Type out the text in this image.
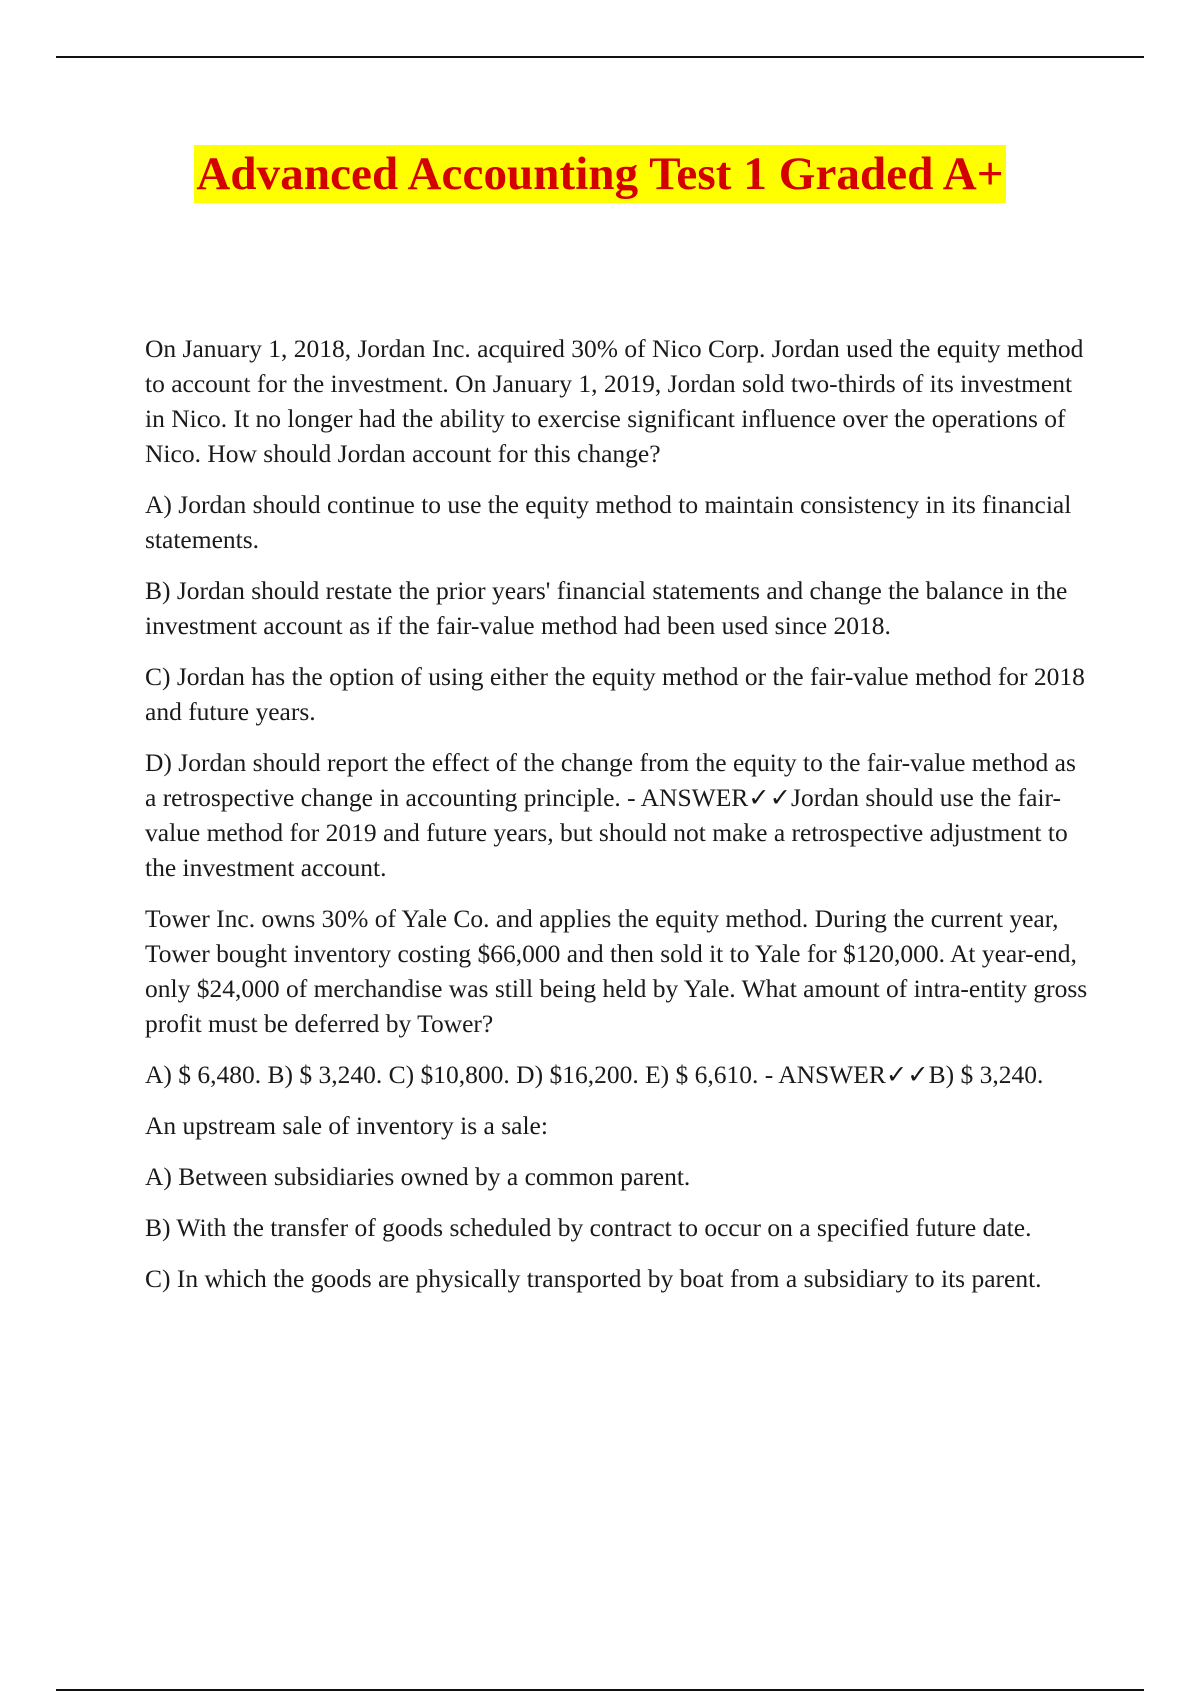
Advanced Accounting Test 1 Graded A+

On January 1, 2018, Jordan Inc. acquired 30% of Nico Corp. Jordan used the equity method to account for the investment. On January 1, 2019, Jordan sold two-thirds of its investment in Nico. It no longer had the ability to exercise significant influence over the operations of Nico. How should Jordan account for this change?

A) Jordan should continue to use the equity method to maintain consistency in its financial statements.

B) Jordan should restate the prior years' financial statements and change the balance in the investment account as if the fair-value method had been used since 2018.

C) Jordan has the option of using either the equity method or the fair-value method for 2018 and future years.

D) Jordan should report the effect of the change from the equity to the fair-value method as a retrospective change in accounting principle. - ANSWER✓✓Jordan should use the fair-value method for 2019 and future years, but should not make a retrospective adjustment to the investment account.

Tower Inc. owns 30% of Yale Co. and applies the equity method. During the current year, Tower bought inventory costing $66,000 and then sold it to Yale for $120,000. At year-end, only $24,000 of merchandise was still being held by Yale. What amount of intra-entity gross profit must be deferred by Tower?

A) $ 6,480. B) $ 3,240. C) $10,800. D) $16,200. E) $ 6,610. - ANSWER✓✓B) $ 3,240.

An upstream sale of inventory is a sale:

A) Between subsidiaries owned by a common parent.

B) With the transfer of goods scheduled by contract to occur on a specified future date.

C) In which the goods are physically transported by boat from a subsidiary to its parent.
